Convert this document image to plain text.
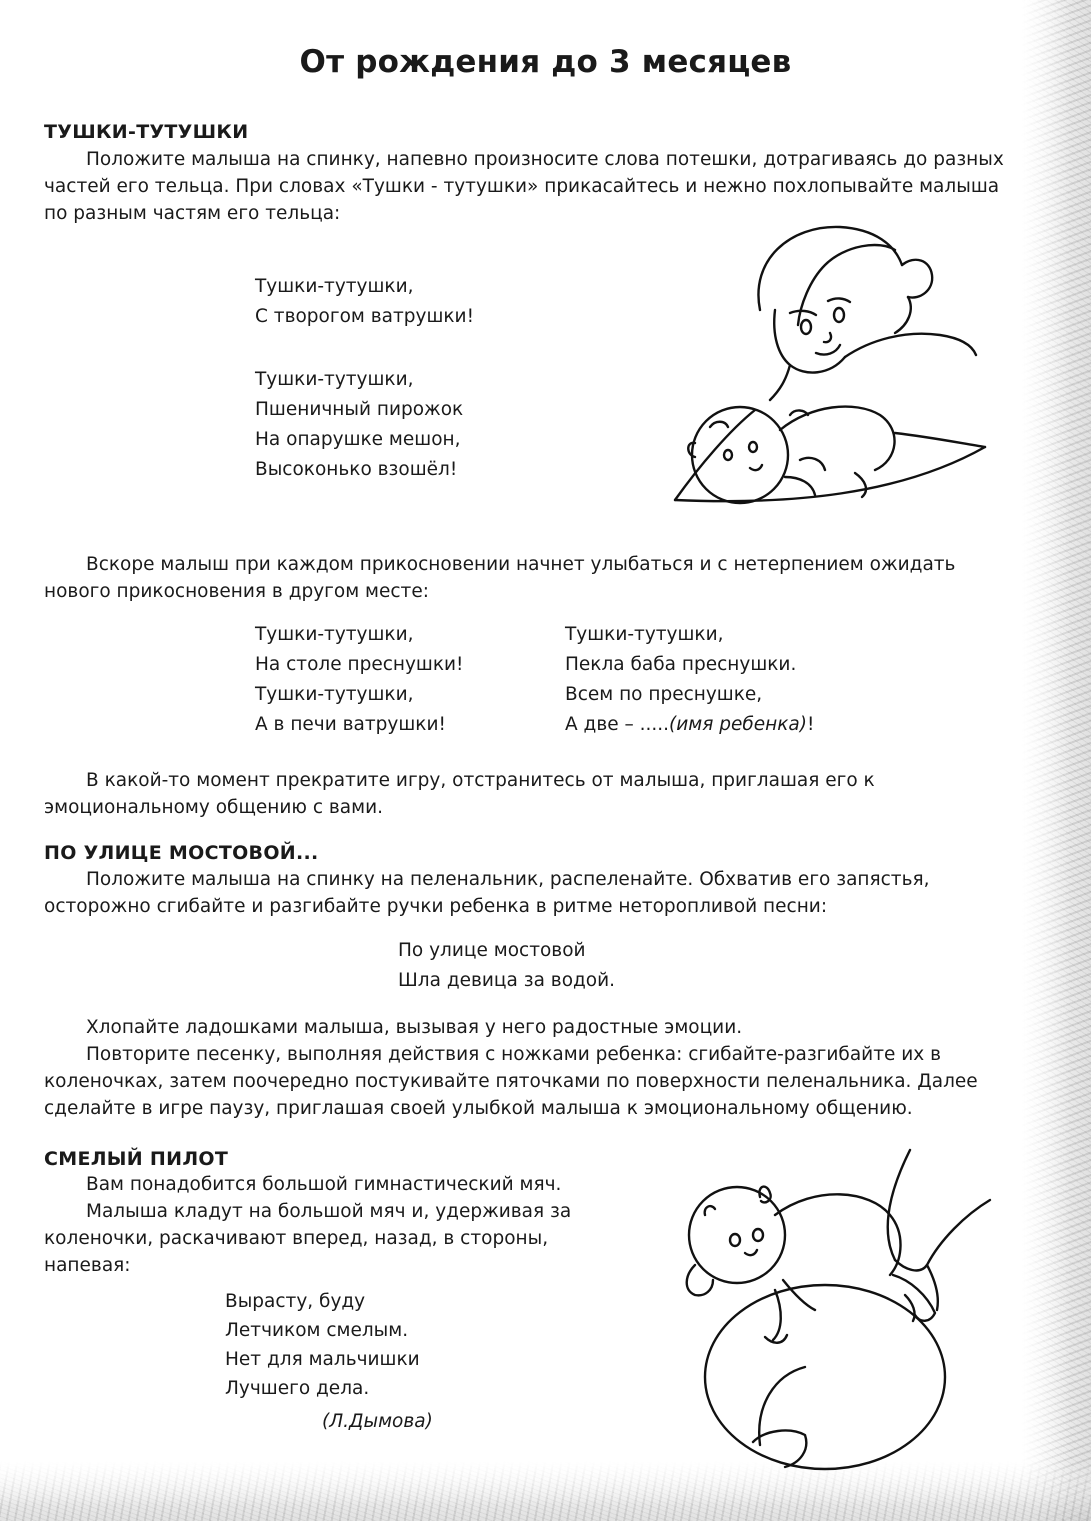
От рождения до 3 месяцев
ТУШКИ-ТУТУШКИ

Положите малыша на спинку, напевно произносите слова потешки, дотрагиваясь до разных
частей его тельца. При словах «Тушки - тутушки» прикасайтесь и нежно похлопывайте малыша
по разным частям его тельца:

Тушки-тутушки,
С творогом ватрушки!
Тушки-тутушки,
Пшеничный пирожок
На опарушке мешон,
Высоконько взошёл!

Вскоре малыш при каждом прикосновении начнет улыбаться и с нетерпением ожидать
нового прикосновения в другом месте:

Тушки-тутушки,
На столе преснушки!
Тушки-тутушки,
А в печи ватрушки!
Тушки-тутушки,
Пекла баба преснушки.
Всем по преснушке,
А две – .....(имя ребенка)!

В какой-то момент прекратите игру, отстранитесь от малыша, приглашая его к
эмоциональному общению с вами.

ПО УЛИЦЕ МОСТОВОЙ...

Положите малыша на спинку на пеленальник, распеленайте. Обхватив его запястья,
осторожно сгибайте и разгибайте ручки ребенка в ритме неторопливой песни:

По улице мостовой
Шла девица за водой.

Хлопайте ладошками малыша, вызывая у него радостные эмоции.

Повторите песенку, выполняя действия с ножками ребенка: сгибайте-разгибайте их в
коленочках, затем поочередно постукивайте пяточками по поверхности пеленальника. Далее
сделайте в игре паузу, приглашая своей улыбкой малыша к эмоциональному общению.

СМЕЛЫЙ ПИЛОТ

Вам понадобится большой гимнастический мяч.

Малыша кладут на большой мяч и, удерживая за
коленочки, раскачивают вперед, назад, в стороны,
напевая:

Вырасту, буду
Летчиком смелым.
Нет для мальчишки
Лучшего дела.
(Л.Дымова)
